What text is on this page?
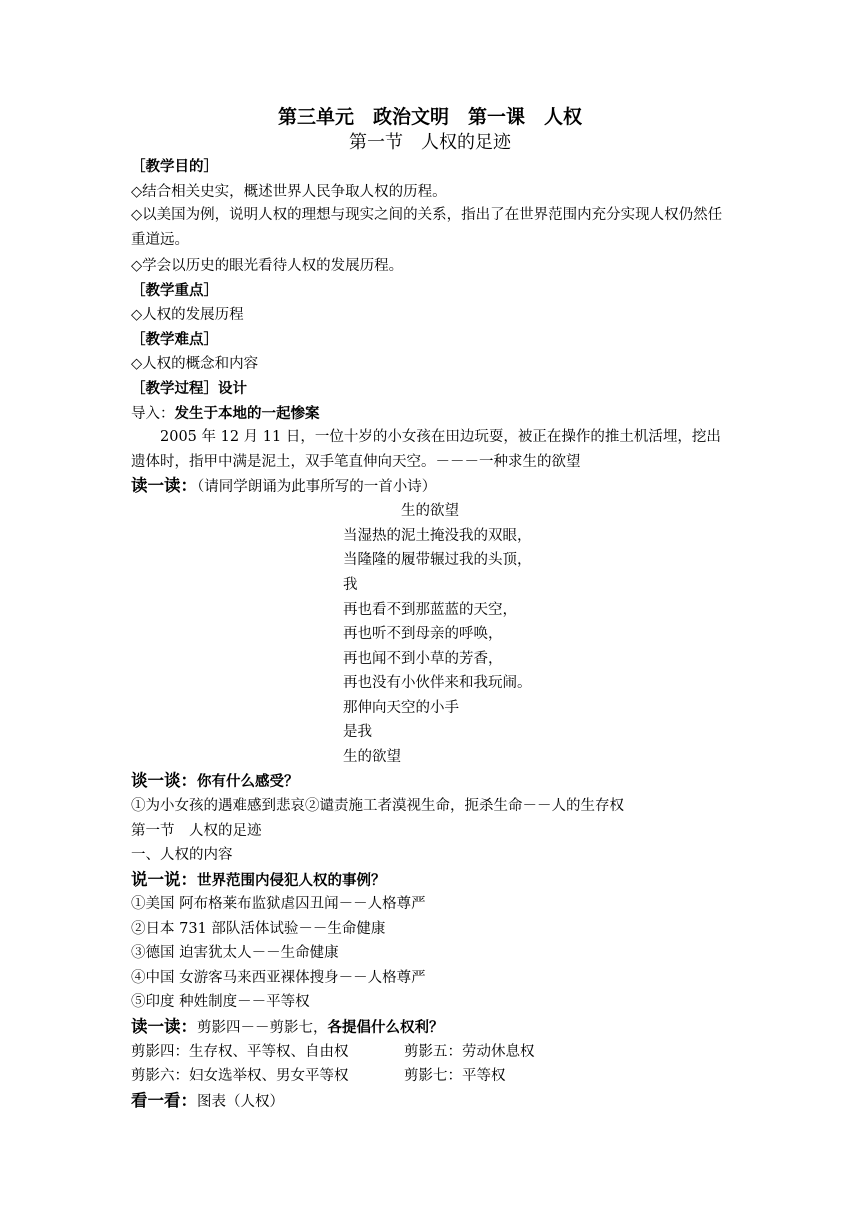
第三单元　政治文明　第一课　人权
第一节　人权的足迹
［教学目的］
◇结合相关史实，概述世界人民争取人权的历程。
◇以美国为例，说明人权的理想与现实之间的关系，指出了在世界范围内充分实现人权仍然任重道远。
◇学会以历史的眼光看待人权的发展历程。
［教学重点］
◇人权的发展历程
［教学难点］
◇人权的概念和内容
［教学过程］设计
导入：发生于本地的一起惨案
2005 年 12 月 11 日，一位十岁的小女孩在田边玩耍，被正在操作的推土机活埋，挖出遗体时，指甲中满是泥土，双手笔直伸向天空。－－－一种求生的欲望
读一读：（请同学朗诵为此事所写的一首小诗）
生的欲望
当湿热的泥土掩没我的双眼，
当隆隆的履带辗过我的头顶，
我
再也看不到那蓝蓝的天空，
再也听不到母亲的呼唤，
再也闻不到小草的芳香，
再也没有小伙伴来和我玩闹。
那伸向天空的小手
是我
生的欲望
谈一谈：你有什么感受？
①为小女孩的遇难感到悲哀②谴责施工者漠视生命，扼杀生命－－人的生存权
第一节　人权的足迹
一、人权的内容
说一说：世界范围内侵犯人权的事例？
①美国 阿布格莱布监狱虐囚丑闻－－人格尊严
②日本 731 部队活体试验－－生命健康
③德国 迫害犹太人－－生命健康
④中国 女游客马来西亚裸体搜身－－人格尊严
⑤印度 种姓制度－－平等权
读一读：剪影四－－剪影七，各提倡什么权利？
剪影四：生存权、平等权、自由权	剪影五：劳动休息权
剪影六：妇女选举权、男女平等权	剪影七：平等权
看一看：图表（人权）
